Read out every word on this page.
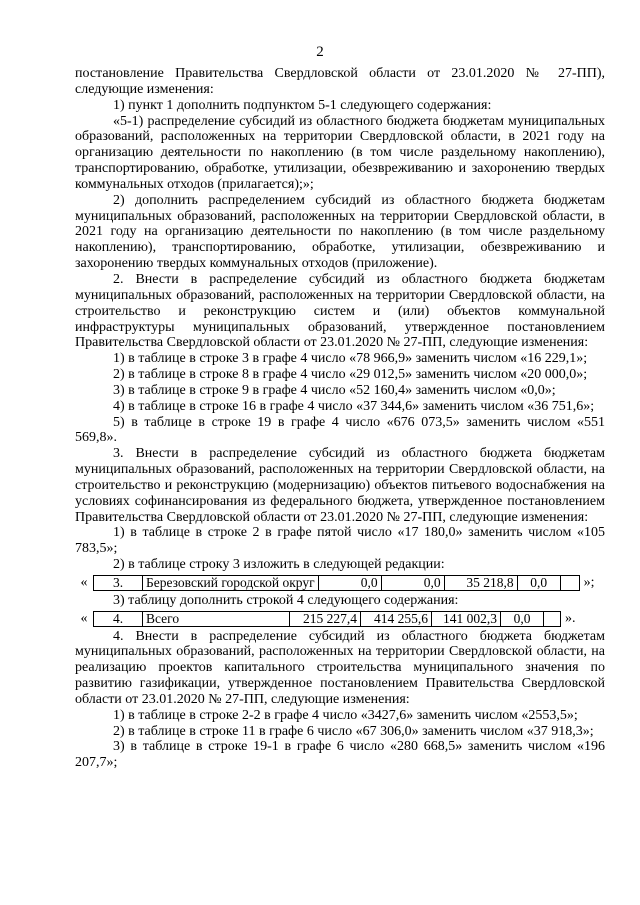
2

постановление Правительства Свердловской области от 23.01.2020 № 27-ПП), следующие изменения:

1) пункт 1 дополнить подпунктом 5-1 следующего содержания:

«5-1) распределение субсидий из областного бюджета бюджетам муниципальных образований, расположенных на территории Свердловской области, в 2021 году на организацию деятельности по накоплению (в том числе раздельному накоплению), транспортированию, обработке, утилизации, обезвреживанию и захоронению твердых коммунальных отходов (прилагается);»;

2) дополнить распределением субсидий из областного бюджета бюджетам муниципальных образований, расположенных на территории Свердловской области, в 2021 году на организацию деятельности по накоплению (в том числе раздельному накоплению), транспортированию, обработке, утилизации, обезвреживанию и захоронению твердых коммунальных отходов (приложение).

2. Внести в распределение субсидий из областного бюджета бюджетам муниципальных образований, расположенных на территории Свердловской области, на строительство и реконструкцию систем и (или) объектов коммунальной инфраструктуры муниципальных образований, утвержденное постановлением Правительства Свердловской области от 23.01.2020 № 27-ПП, следующие изменения:

1) в таблице в строке 3 в графе 4 число «78 966,9» заменить числом «16 229,1»;

2) в таблице в строке 8 в графе 4 число «29 012,5» заменить числом «20 000,0»;

3) в таблице в строке 9 в графе 4 число «52 160,4» заменить числом «0,0»;

4) в таблице в строке 16 в графе 4 число «37 344,6» заменить числом «36 751,6»;

5) в таблице в строке 19 в графе 4 число «676 073,5» заменить числом «551 569,8».

3. Внести в распределение субсидий из областного бюджета бюджетам муниципальных образований, расположенных на территории Свердловской области, на строительство и реконструкцию (модернизацию) объектов питьевого водоснабжения на условиях софинансирования из федерального бюджета, утвержденное постановлением Правительства Свердловской области от 23.01.2020 № 27-ПП, следующие изменения:

1) в таблице в строке 2 в графе пятой число «17 180,0» заменить числом «105 783,5»;

2) в таблице строку 3 изложить в следующей редакции:

«	3.	Березовский городской округ	0,0	0,0	35 218,8	0,0		»;

3) таблицу дополнить строкой 4 следующего содержания:

«	4.	Всего	215 227,4	414 255,6	141 002,3	0,0	».

4. Внести в распределение субсидий из областного бюджета бюджетам муниципальных образований, расположенных на территории Свердловской области, на реализацию проектов капитального строительства муниципального значения по развитию газификации, утвержденное постановлением Правительства Свердловской области от 23.01.2020 № 27-ПП, следующие изменения:

1) в таблице в строке 2-2 в графе 4 число «3427,6» заменить числом «2553,5»;

2) в таблице в строке 11 в графе 6 число «67 306,0» заменить числом «37 918,3»;

3) в таблице в строке 19-1 в графе 6 число «280 668,5» заменить числом «196 207,7»;
